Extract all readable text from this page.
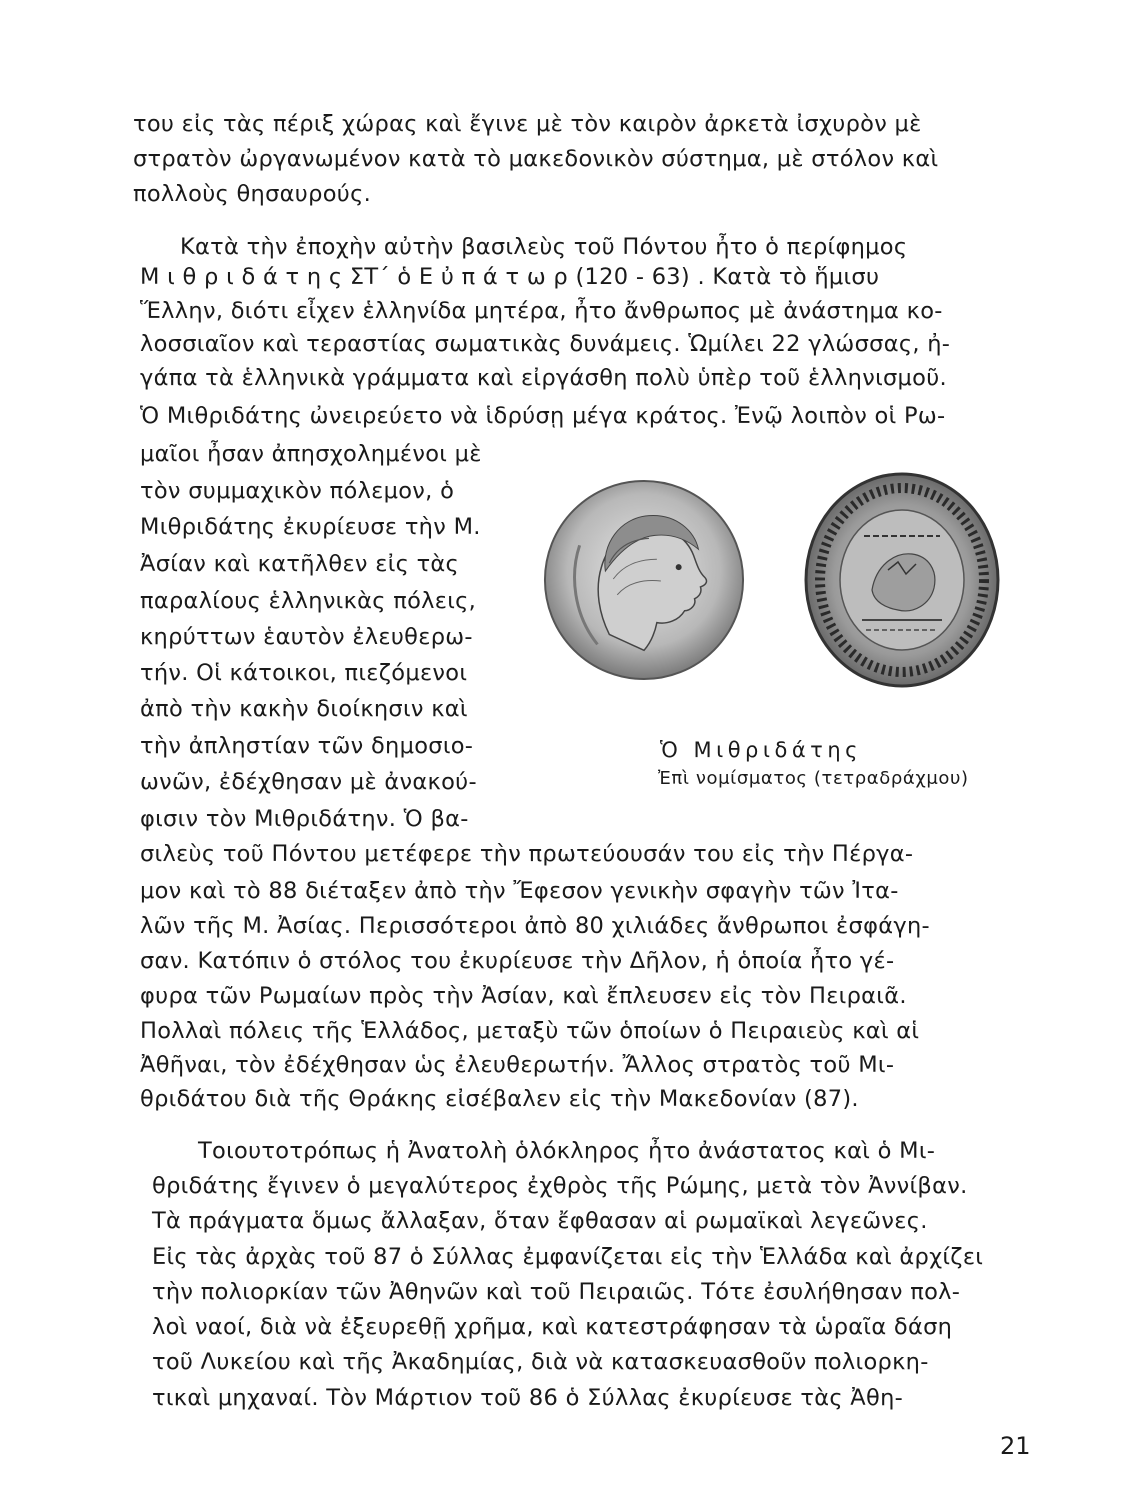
του εἰς τὰς πέριξ χώρας καὶ ἔγινε μὲ τὸν καιρὸν ἀρκετὰ ἰσχυρὸν μὲ
στρατὸν ὠργανωμένον κατὰ τὸ μακεδονικὸν σύστημα, μὲ στόλον καὶ
πολλοὺς θησαυρούς.
Κατὰ τὴν ἐποχὴν αὐτὴν βασιλεὺς τοῦ Πόντου ἦτο ὁ περίφημος
Μ ι θ ρ ι δ ά τ η ς ΣΤ΄ ὁ Ε ὐ π ά τ ω ρ (120 - 63) . Κατὰ τὸ ἥμισυ
Ἕλλην, διότι εἶχεν ἑλληνίδα μητέρα, ἦτο ἄνθρωπος μὲ ἀνάστημα κο-
λοσσιαῖον καὶ τεραστίας σωματικὰς δυνάμεις. Ὡμίλει 22 γλώσσας, ἠ-
γάπα τὰ ἑλληνικὰ γράμματα καὶ εἰργάσθη πολὺ ὑπὲρ τοῦ ἑλληνισμοῦ.
Ὁ Μιθριδάτης ὠνειρεύετο νὰ ἱδρύσῃ μέγα κράτος. Ἐνῷ λοιπὸν οἱ Ρω-
μαῖοι ἦσαν ἀπησχολημένοι μὲ
τὸν συμμαχικὸν πόλεμον, ὁ
Μιθριδάτης ἐκυρίευσε τὴν Μ.
Ἀσίαν καὶ κατῆλθεν εἰς τὰς
παραλίους ἑλληνικὰς πόλεις,
κηρύττων ἑαυτὸν ἐλευθερω-
τήν. Οἱ κάτοικοι, πιεζόμενοι
ἀπὸ τὴν κακὴν διοίκησιν καὶ
τὴν ἀπληστίαν τῶν δημοσιο-
ωνῶν, ἐδέχθησαν μὲ ἀνακού-
φισιν τὸν Μιθριδάτην. Ὁ βα-
σιλεὺς τοῦ Πόντου μετέφερε τὴν πρωτεύουσάν του εἰς τὴν Πέργα-
μον καὶ τὸ 88 διέταξεν ἀπὸ τὴν Ἔφεσον γενικὴν σφαγὴν τῶν Ἰτα-
λῶν τῆς Μ. Ἀσίας. Περισσότεροι ἀπὸ 80 χιλιάδες ἄνθρωποι ἐσφάγη-
σαν. Κατόπιν ὁ στόλος του ἐκυρίευσε τὴν Δῆλον, ἡ ὁποία ἦτο γέ-
φυρα τῶν Ρωμαίων πρὸς τὴν Ἀσίαν, καὶ ἔπλευσεν εἰς τὸν Πειραιᾶ.
Πολλαὶ πόλεις τῆς Ἑλλάδος, μεταξὺ τῶν ὁποίων ὁ Πειραιεὺς καὶ αἱ
Ἀθῆναι, τὸν ἐδέχθησαν ὡς ἐλευθερωτήν. Ἄλλος στρατὸς τοῦ Μι-
θριδάτου διὰ τῆς Θράκης εἰσέβαλεν εἰς τὴν Μακεδονίαν (87).
Τοιουτοτρόπως ἡ Ἀνατολὴ ὁλόκληρος ἦτο ἀνάστατος καὶ ὁ Μι-
θριδάτης ἔγινεν ὁ μεγαλύτερος ἐχθρὸς τῆς Ρώμης, μετὰ τὸν Ἀννίβαν.
Τὰ πράγματα ὅμως ἄλλαξαν, ὅταν ἔφθασαν αἱ ρωμαϊκαὶ λεγεῶνες.
Εἰς τὰς ἀρχὰς τοῦ 87 ὁ Σύλλας ἐμφανίζεται εἰς τὴν Ἑλλάδα καὶ ἀρχίζει
τὴν πολιορκίαν τῶν Ἀθηνῶν καὶ τοῦ Πειραιῶς. Τότε ἐσυλήθησαν πολ-
λοὶ ναοί, διὰ νὰ ἐξευρεθῇ χρῆμα, καὶ κατεστράφησαν τὰ ὡραῖα δάση
τοῦ Λυκείου καὶ τῆς Ἀκαδημίας, διὰ νὰ κατασκευασθοῦν πολιορκη-
τικαὶ μηχαναί. Τὸν Μάρτιον τοῦ 86 ὁ Σύλλας ἐκυρίευσε τὰς Ἀθη-
Ὁ Μιθριδάτης
Ἐπὶ νομίσματος (τετραδράχμου)
21
